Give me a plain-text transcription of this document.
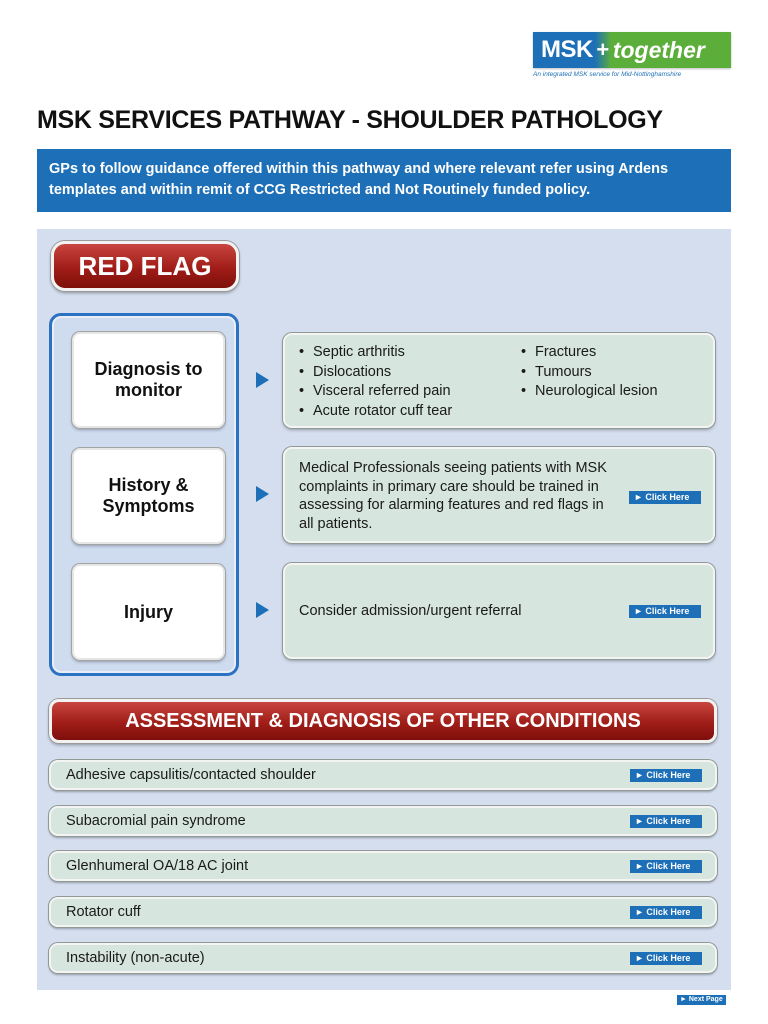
MSK + together
An integrated MSK service for Mid-Nottinghamshire
MSK SERVICES PATHWAY - SHOULDER PATHOLOGY
GPs to follow guidance offered within this pathway and where relevant refer using Ardens templates and within remit of CCG Restricted and Not Routinely funded policy.
RED FLAG
Diagnosis to monitor
History & Symptoms
Injury
• Septic arthritis
• Dislocations
• Visceral referred pain
• Acute rotator cuff tear
• Fractures
• Tumours
• Neurological lesion
Medical Professionals seeing patients with MSK complaints in primary care should be trained in assessing for alarming features and red flags in all patients.
► Click Here
Consider admission/urgent referral	► Click Here
ASSESSMENT & DIAGNOSIS OF OTHER CONDITIONS
Adhesive capsulitis/contacted shoulder	► Click Here
Subacromial pain syndrome	► Click Here
Glenhumeral OA/18 AC joint	► Click Here
Rotator cuff	► Click Here
Instability (non-acute)	► Click Here
► Next Page
